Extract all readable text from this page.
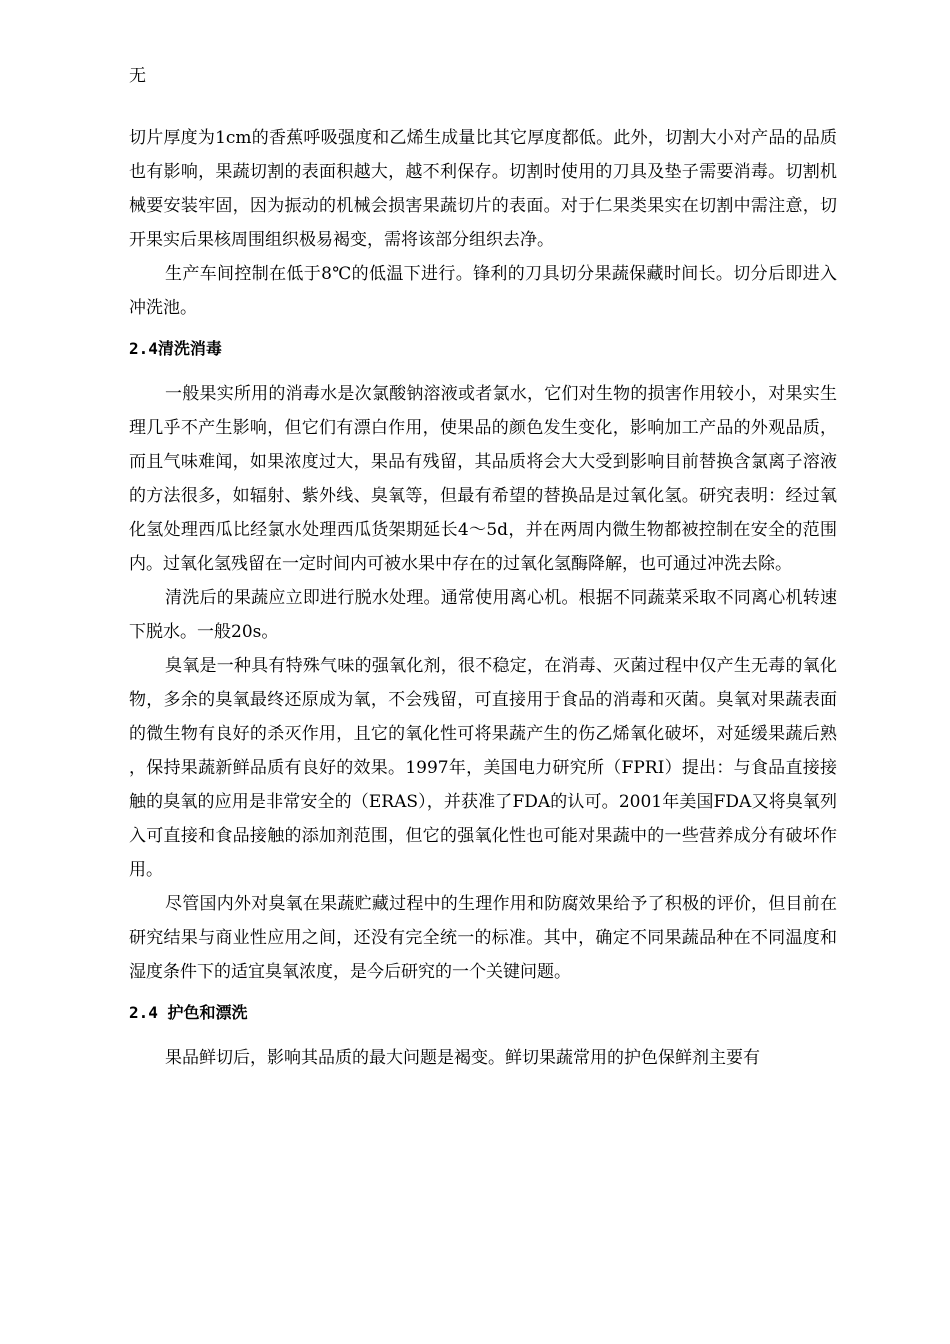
无

切片厚度为1cm的香蕉呼吸强度和乙烯生成量比其它厚度都低。此外，切割大小对产品的品质也有影响，果蔬切割的表面积越大，越不利保存。切割时使用的刀具及垫子需要消毒。切割机械要安装牢固，因为振动的机械会损害果蔬切片的表面。对于仁果类果实在切割中需注意，切开果实后果核周围组织极易褐变，需将该部分组织去净。

生产车间控制在低于8℃的低温下进行。锋利的刀具切分果蔬保藏时间长。切分后即进入冲洗池。

2.4清洗消毒

一般果实所用的消毒水是次氯酸钠溶液或者氯水，它们对生物的损害作用较小，对果实生理几乎不产生影响，但它们有漂白作用，使果品的颜色发生变化，影响加工产品的外观品质，而且气味难闻，如果浓度过大，果品有残留，其品质将会大大受到影响目前替换含氯离子溶液的方法很多，如辐射、紫外线、臭氧等，但最有希望的替换品是过氧化氢。研究表明：经过氧化氢处理西瓜比经氯水处理西瓜货架期延长4～5d，并在两周内微生物都被控制在安全的范围内。过氧化氢残留在一定时间内可被水果中存在的过氧化氢酶降解，也可通过冲洗去除。

清洗后的果蔬应立即进行脱水处理。通常使用离心机。根据不同蔬菜采取不同离心机转速下脱水。一般20s。

臭氧是一种具有特殊气味的强氧化剂，很不稳定，在消毒、灭菌过程中仅产生无毒的氧化物，多余的臭氧最终还原成为氧，不会残留，可直接用于食品的消毒和灭菌。臭氧对果蔬表面的微生物有良好的杀灭作用，且它的氧化性可将果蔬产生的伤乙烯氧化破坏，对延缓果蔬后熟，保持果蔬新鲜品质有良好的效果。1997年，美国电力研究所（FPRI）提出：与食品直接接触的臭氧的应用是非常安全的（ERAS），并获准了FDA的认可。2001年美国FDA又将臭氧列入可直接和食品接触的添加剂范围，但它的强氧化性也可能对果蔬中的一些营养成分有破坏作用。

尽管国内外对臭氧在果蔬贮藏过程中的生理作用和防腐效果给予了积极的评价，但目前在研究结果与商业性应用之间，还没有完全统一的标准。其中，确定不同果蔬品种在不同温度和湿度条件下的适宜臭氧浓度，是今后研究的一个关键问题。

2.4 护色和漂洗

果品鲜切后，影响其品质的最大问题是褐变。鲜切果蔬常用的护色保鲜剂主要有
